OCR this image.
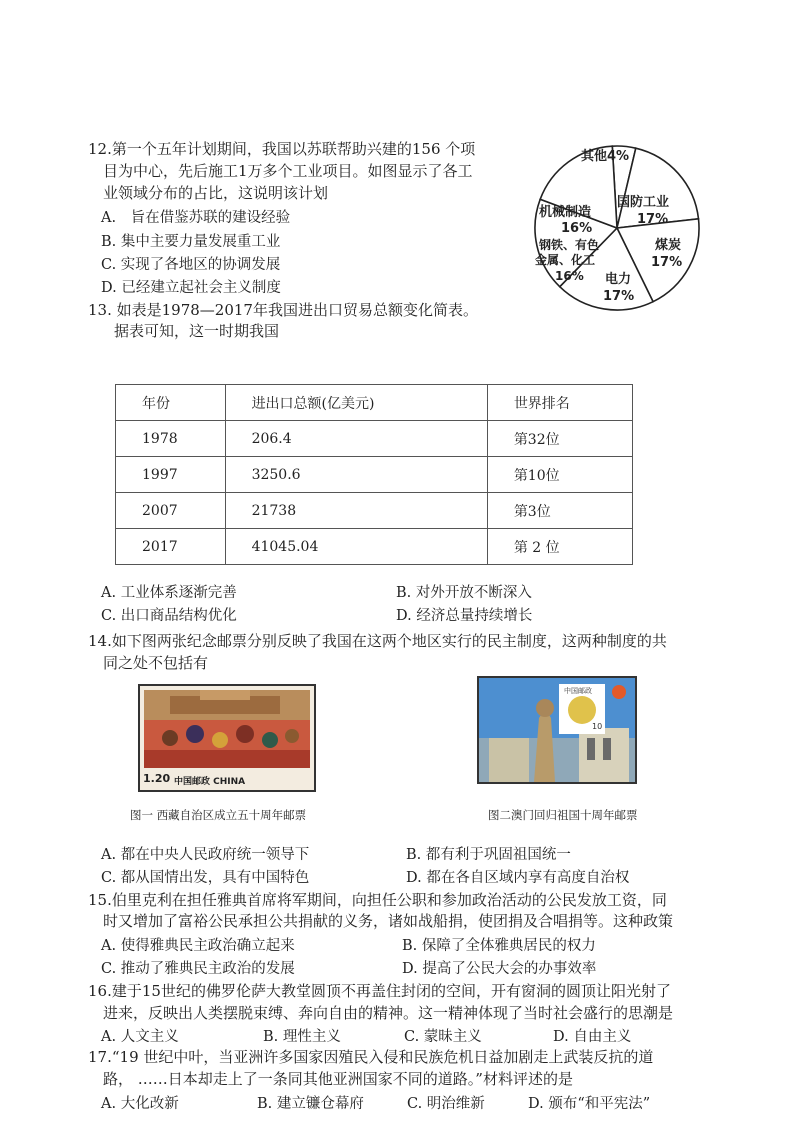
12.第一个五年计划期间，我国以苏联帮助兴建的156 个项
目为中心，先后施工1万多个工业项目。如图显示了各工
业领域分布的占比，这说明该计划
A.　旨在借鉴苏联的建设经验
B. 集中主要力量发展重工业
C. 实现了各地区的协调发展
D. 已经建立起社会主义制度
其他4%
国防工业
17%
煤炭
17%
电力
17%
钢铁、有色
金属、化工
16%
机械制造
16%
13. 如表是1978—2017年我国进出口贸易总额变化简表。
据表可知，这一时期我国
年份	进出口总额(亿美元)	世界排名
1978	206.4	第32位
1997	3250.6	第10位
2007	21738	第3位
2017	41045.04	第 2 位
A. 工业体系逐渐完善	B. 对外开放不断深入
C. 出口商品结构优化	D. 经济总量持续增长
14.如下图两张纪念邮票分别反映了我国在这两个地区实行的民主制度，这两种制度的共
同之处不包括有
1.20 中国邮政 CHINA
中国邮政
10
图一 西藏自治区成立五十周年邮票	图二澳门回归祖国十周年邮票
A. 都在中央人民政府统一领导下	B. 都有利于巩固祖国统一
C. 都从国情出发，具有中国特色	D. 都在各自区域内享有高度自治权
15.伯里克利在担任雅典首席将军期间，向担任公职和参加政治活动的公民发放工资，同
时又增加了富裕公民承担公共捐献的义务，诸如战船捐，使团捐及合唱捐等。这种政策
A. 使得雅典民主政治确立起来	B. 保障了全体雅典居民的权力
C. 推动了雅典民主政治的发展	D. 提高了公民大会的办事效率
16.建于15世纪的佛罗伦萨大教堂圆顶不再盖住封闭的空间，开有窗洞的圆顶让阳光射了
进来，反映出人类摆脱束缚、奔向自由的精神。这一精神体现了当时社会盛行的思潮是
A. 人文主义	B. 理性主义	C. 蒙昧主义	D. 自由主义
17.“19 世纪中叶，当亚洲许多国家因殖民入侵和民族危机日益加剧走上武装反抗的道
路， ……日本却走上了一条同其他亚洲国家不同的道路。”材料评述的是
A. 大化改新	B. 建立镰仓幕府	C. 明治维新	D. 颁布“和平宪法”
